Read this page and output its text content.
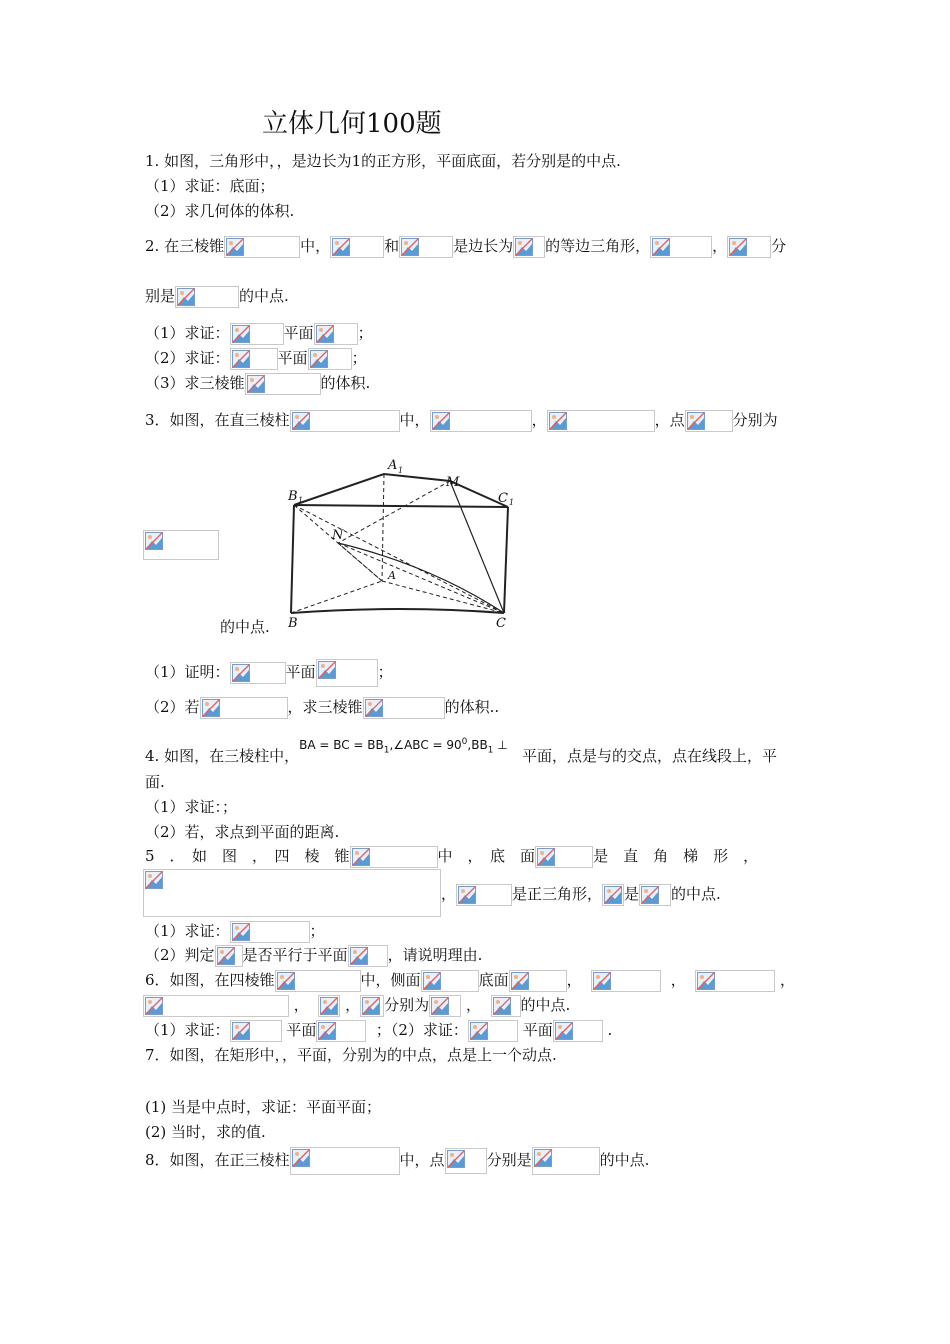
立体几何100题
1. 如图，三角形中，，是边长为1的正方形，平面底面，若分别是的中点.
（1）求证：底面；
（2）求几何体的体积.
2. 在三棱锥	中，	和	是边长为 的等边三角形，	，	分
别是	的中点.
（1）求证：	平面	；
（2）求证：	平面	；
（3）求三棱锥	的体积.
3．如图，在直三棱柱	中，	，	，点	分别为
A 1
M
B 1	C 1
N
A
B	C
的中点.
（1）证明：	平面	；
（2）若	，求三棱锥	的体积..
4. 如图，在三棱柱中，$^{BA = BC = BB_1,\angle ABC = 90^0,BB_1 \perp}$   平面，点是与的交点，点在线段上，平
面.
（1）求证：；
（2）若，求点到平面的距离.
5　．　如　图　，　四　棱　锥	中　，　底　面	是　直　角　梯　形　，
，	是正三角形， 是 的中点.
（1）求证：	；
（2）判定 是否平行于平面	，请说明理由.
6．如图，在四棱锥	中，侧面	底面	，	，	，
， ， 分别为 ，	的中点.
（1）求证：	平面	；（2）求证：	平面	.
7．如图，在矩形中，，平面，分别为的中点，点是上一个动点.
(1) 当是中点时，求证：平面平面；
(2) 当时，求的值.
8．如图，在正三棱柱	中，点	分别是	的中点.
